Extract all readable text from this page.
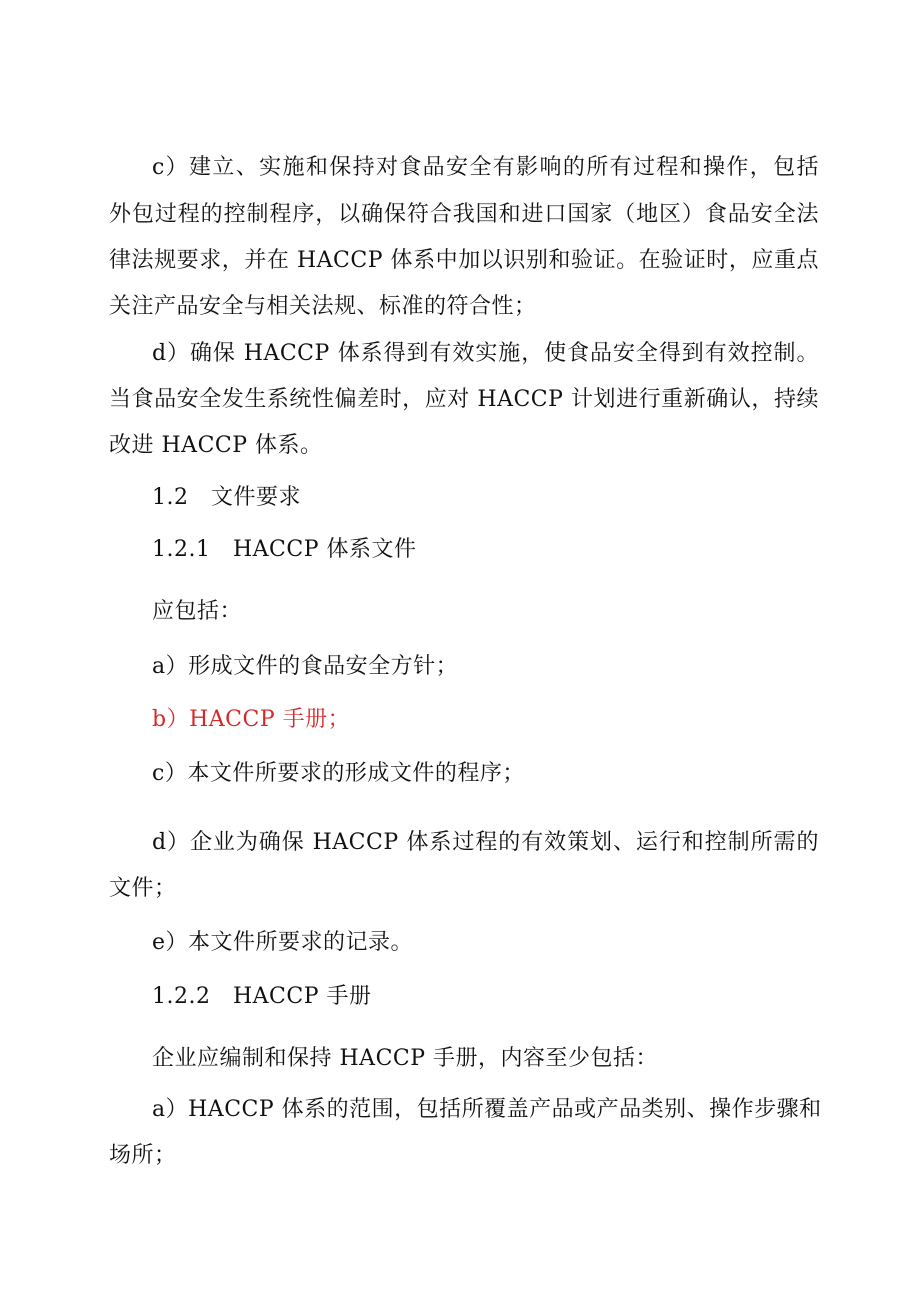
c）建立、实施和保持对食品安全有影响的所有过程和操作，包括
外包过程的控制程序，以确保符合我国和进口国家（地区）食品安全法
律法规要求，并在 HACCP 体系中加以识别和验证。在验证时，应重点
关注产品安全与相关法规、标准的符合性；
d）确保 HACCP 体系得到有效实施，使食品安全得到有效控制。
当食品安全发生系统性偏差时，应对 HACCP 计划进行重新确认，持续
改进 HACCP 体系。
1.2　文件要求
1.2.1　HACCP 体系文件
应包括：
a）形成文件的食品安全方针；
b）HACCP 手册；
c）本文件所要求的形成文件的程序；
d）企业为确保 HACCP 体系过程的有效策划、运行和控制所需的
文件；
e）本文件所要求的记录。
1.2.2　HACCP 手册
企业应编制和保持 HACCP 手册，内容至少包括：
a）HACCP 体系的范围，包括所覆盖产品或产品类别、操作步骤和
场所；
